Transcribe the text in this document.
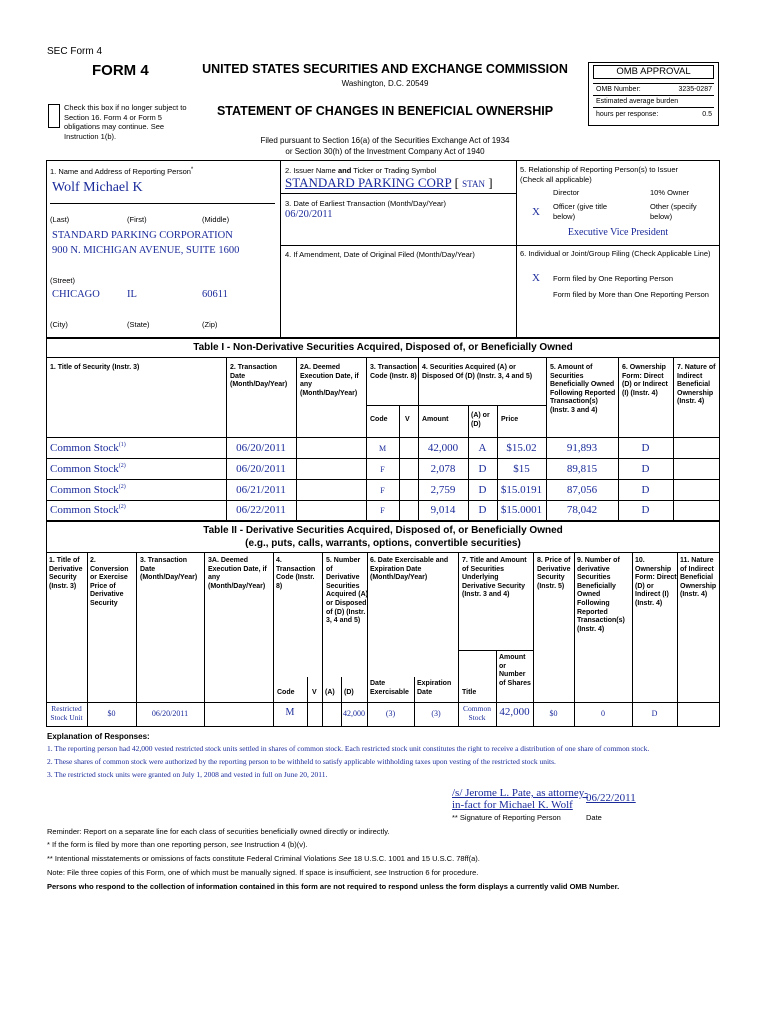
SEC Form 4
FORM 4	UNITED STATES SECURITIES AND EXCHANGE COMMISSION
Washington, D.C. 20549
Check this box if no longer subject to Section 16. Form 4 or Form 5 obligations may continue. See Instruction 1(b).
STATEMENT OF CHANGES IN BENEFICIAL OWNERSHIP
Filed pursuant to Section 16(a) of the Securities Exchange Act of 1934
or Section 30(h) of the Investment Company Act of 1940
OMB APPROVAL
OMB Number:	3235-0287
Estimated average burden
hours per response:	0.5
1. Name and Address of Reporting Person*
Wolf Michael K
(Last)	(First)	(Middle)
STANDARD PARKING CORPORATION
900 N. MICHIGAN AVENUE, SUITE 1600
(Street)
CHICAGO	IL	60611
(City)	(State)	(Zip)
2. Issuer Name and Ticker or Trading Symbol
STANDARD PARKING CORP [ STAN ]
3. Date of Earliest Transaction (Month/Day/Year)
06/20/2011
4. If Amendment, Date of Original Filed (Month/Day/Year)
5. Relationship of Reporting Person(s) to Issuer
(Check all applicable)
Director	10% Owner
X Officer (give title below)
Other (specify below)
Executive Vice President
6. Individual or Joint/Group Filing (Check Applicable Line)
X Form filed by One Reporting Person
Form filed by More than One Reporting Person
Table I - Non-Derivative Securities Acquired, Disposed of, or Beneficially Owned
1. Title of Security (Instr. 3)	2. Transaction Date (Month/Day/Year)
2A. Deemed Execution Date, if any (Month/Day/Year)
3. Transaction Code (Instr. 8)
4. Securities Acquired (A) or Disposed Of (D) (Instr. 3, 4 and 5)
5. Amount of Securities Beneficially Owned Following Reported Transaction(s) (Instr. 3 and 4)
6. Ownership Form: Direct (D) or Indirect (I) (Instr. 4)
7. Nature of Indirect Beneficial Ownership (Instr. 4)
Code	V Amount
(A) or (D)
Price
Common Stock$^{(1)}$	06/20/2011	M	42,000	A	$15.02	91,893	D
Common Stock$^{(2)}$	06/20/2011	F	2,078	D	$15	89,815	D
Common Stock$^{(2)}$	06/21/2011	F	2,759	D	$15.0191	87,056	D
Common Stock$^{(2)}$	06/22/2011	F	9,014	D	$15.0001	78,042	D
Table II - Derivative Securities Acquired, Disposed of, or Beneficially Owned
(e.g., puts, calls, warrants, options, convertible securities)
1. Title of Derivative Security (Instr. 3)
2. Conversion or Exercise Price of Derivative Security
3. Transaction Date (Month/Day/Year)
3A. Deemed Execution Date, if any (Month/Day/Year)
4. Transaction Code (Instr. 8)
5. Number of Derivative Securities Acquired (A) or Disposed of (D) (Instr. 3, 4 and 5)
6. Date Exercisable and Expiration Date (Month/Day/Year)
7. Title and Amount of Securities Underlying Derivative Security (Instr. 3 and 4)
8. Price of Derivative Security (Instr. 5)
9. Number of derivative Securities Beneficially Owned Following Reported Transaction(s) (Instr. 4)
10. Ownership Form: Direct (D) or Indirect (I) (Instr. 4)
11. Nature of Indirect Beneficial Ownership (Instr. 4)
Code	V (A) (D)
Date Exercisable
Expiration Date	Title
Amount or Number of Shares
Restricted Stock Unit	$0	06/20/2011	M	42,000	(3)	(3)
Common Stock	42,000	$0	0	D
Explanation of Responses:
1. The reporting person had 42,000 vested restricted stock units settled in shares of common stock. Each restricted stock unit constitutes the right to receive a distribution of one share of common stock.
2. These shares of common stock were authorized by the reporting person to be withheld to satisfy applicable withholding taxes upon vesting of the restricted stock units.
3. The restricted stock units were granted on July 1, 2008 and vested in full on June 20, 2011.
/s/ Jerome L. Pate, as attorney-
in-fact for Michael K. Wolf
06/22/2011
** Signature of Reporting Person	Date
Reminder: Report on a separate line for each class of securities beneficially owned directly or indirectly.
* If the form is filed by more than one reporting person, see Instruction 4 (b)(v).
** Intentional misstatements or omissions of facts constitute Federal Criminal Violations See 18 U.S.C. 1001 and 15 U.S.C. 78ff(a).
Note: File three copies of this Form, one of which must be manually signed. If space is insufficient, see Instruction 6 for procedure.
Persons who respond to the collection of information contained in this form are not required to respond unless the form displays a currently valid OMB Number.
